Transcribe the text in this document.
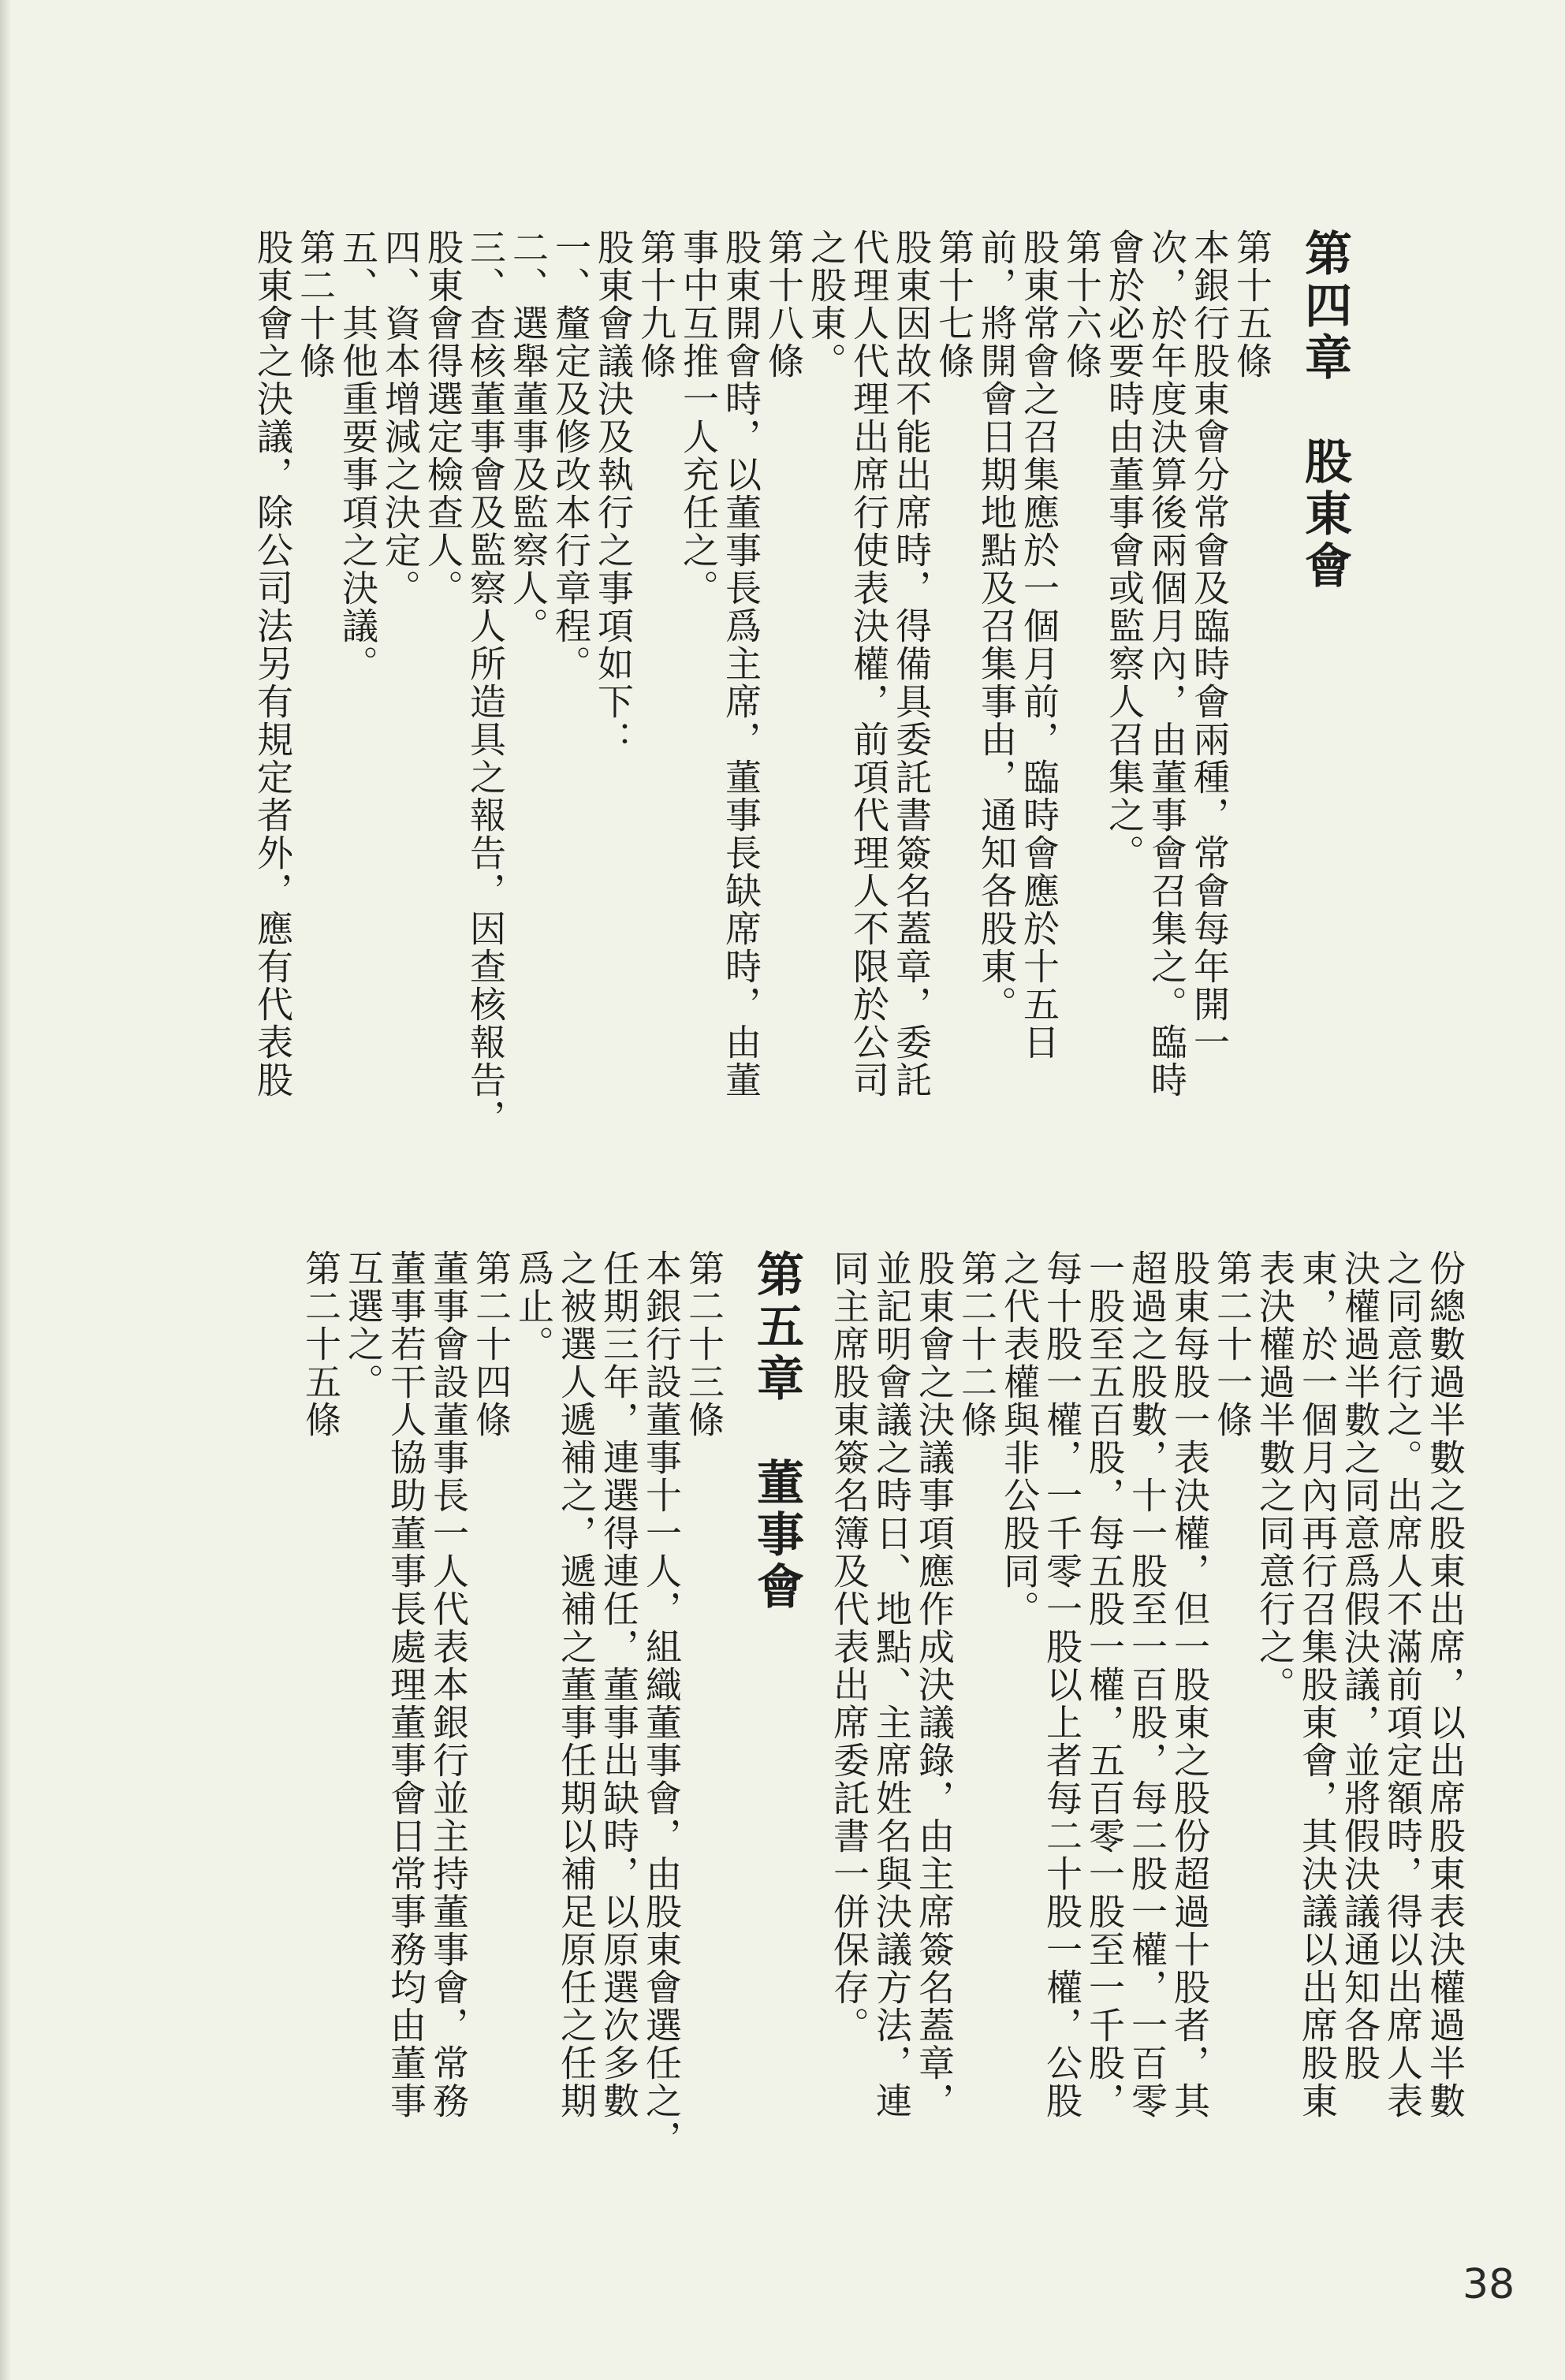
第四章　股東會
第十五條
本銀行股東會分常會及臨時會兩種，常會每年開一
次，於年度決算後兩個月內，由董事會召集之。臨時
會於必要時由董事會或監察人召集之。
第十六條
股東常會之召集應於一個月前，臨時會應於十五日
前，將開會日期地點及召集事由，通知各股東。
第十七條
股東因故不能出席時，得備具委託書簽名蓋章，委託
代理人代理出席行使表決權，前項代理人不限於公司
之股東。
第十八條
股東開會時，以董事長爲主席，董事長缺席時，由董
事中互推一人充任之。
第十九條
股東會議決及執行之事項如下：
一、釐定及修改本行章程。
二、選舉董事及監察人。
三、查核董事會及監察人所造具之報告，因查核報告，
股東會得選定檢查人。
四、資本增減之決定。
五、其他重要事項之決議。
第二十條
股東會之決議，除公司法另有規定者外，應有代表股
份總數過半數之股東出席，以出席股東表決權過半數
之同意行之。出席人不滿前項定額時，得以出席人表
決權過半數之同意爲假決議，並將假決議通知各股
東，於一個月內再行召集股東會，其決議以出席股東
表決權過半數之同意行之。
第二十一條
股東每股一表決權，但一股東之股份超過十股者，其
超過之股數，十一股至一百股，每二股一權，一百零
一股至五百股，每五股一權，五百零一股至一千股，
每十股一權，一千零一股以上者每二十股一權，公股
之代表權與非公股同。
第二十二條
股東會之決議事項應作成決議錄，由主席簽名蓋章，
並記明會議之時日、地點、主席姓名與決議方法，連
同主席股東簽名簿及代表出席委託書一併保存。
第五章　董事會
第二十三條
本銀行設董事十一人，組織董事會，由股東會選任之，
任期三年，連選得連任，董事出缺時，以原選次多數
之被選人遞補之，遞補之董事任期以補足原任之任期
爲止。
第二十四條
董事會設董事長一人代表本銀行並主持董事會，常務
董事若干人協助董事長處理董事會日常事務均由董事
互選之。
第二十五條
38
